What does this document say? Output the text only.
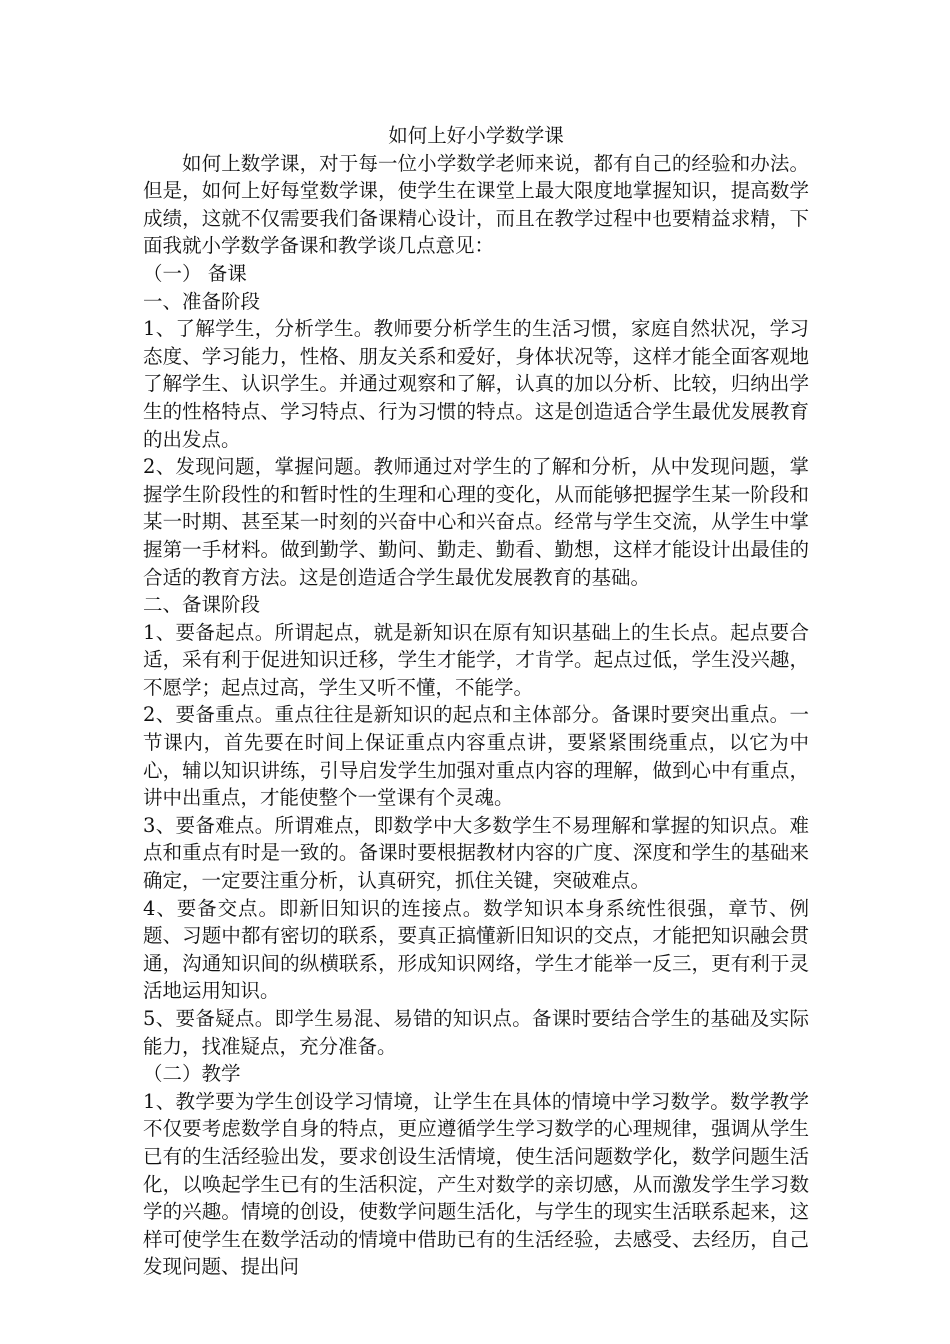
如何上好小学数学课

如何上数学课，对于每一位小学数学老师来说，都有自己的经验和办法。但是，如何上好每堂数学课，使学生在课堂上最大限度地掌握知识，提高数学成绩，这就不仅需要我们备课精心设计，而且在教学过程中也要精益求精，下面我就小学数学备课和教学谈几点意见：

（一） 备课

一、准备阶段

1、了解学生，分析学生。教师要分析学生的生活习惯，家庭自然状况，学习态度、学习能力，性格、朋友关系和爱好，身体状况等，这样才能全面客观地了解学生、认识学生。并通过观察和了解，认真的加以分析、比较，归纳出学生的性格特点、学习特点、行为习惯的特点。这是创造适合学生最优发展教育的出发点。

2、发现问题，掌握问题。教师通过对学生的了解和分析，从中发现问题，掌握学生阶段性的和暂时性的生理和心理的变化，从而能够把握学生某一阶段和某一时期、甚至某一时刻的兴奋中心和兴奋点。经常与学生交流，从学生中掌握第一手材料。做到勤学、勤问、勤走、勤看、勤想，这样才能设计出最佳的合适的教育方法。这是创造适合学生最优发展教育的基础。

二、备课阶段

1、要备起点。所谓起点，就是新知识在原有知识基础上的生长点。起点要合适，采有利于促进知识迁移，学生才能学，才肯学。起点过低，学生没兴趣，不愿学；起点过高，学生又听不懂，不能学。

2、要备重点。重点往往是新知识的起点和主体部分。备课时要突出重点。一节课内，首先要在时间上保证重点内容重点讲，要紧紧围绕重点，以它为中心，辅以知识讲练，引导启发学生加强对重点内容的理解，做到心中有重点，讲中出重点，才能使整个一堂课有个灵魂。

3、要备难点。所谓难点，即数学中大多数学生不易理解和掌握的知识点。难点和重点有时是一致的。备课时要根据教材内容的广度、深度和学生的基础来确定，一定要注重分析，认真研究，抓住关键，突破难点。

4、要备交点。即新旧知识的连接点。数学知识本身系统性很强，章节、例题、习题中都有密切的联系，要真正搞懂新旧知识的交点，才能把知识融会贯通，沟通知识间的纵横联系，形成知识网络，学生才能举一反三，更有利于灵活地运用知识。

5、要备疑点。即学生易混、易错的知识点。备课时要结合学生的基础及实际能力，找准疑点，充分准备。

（二）教学

1、教学要为学生创设学习情境，让学生在具体的情境中学习数学。数学教学不仅要考虑数学自身的特点，更应遵循学生学习数学的心理规律，强调从学生已有的生活经验出发，要求创设生活情境，使生活问题数学化，数学问题生活化，以唤起学生已有的生活积淀，产生对数学的亲切感，从而激发学生学习数学的兴趣。情境的创设，使数学问题生活化，与学生的现实生活联系起来，这样可使学生在数学活动的情境中借助已有的生活经验，去感受、去经历，自己发现问题、提出问
